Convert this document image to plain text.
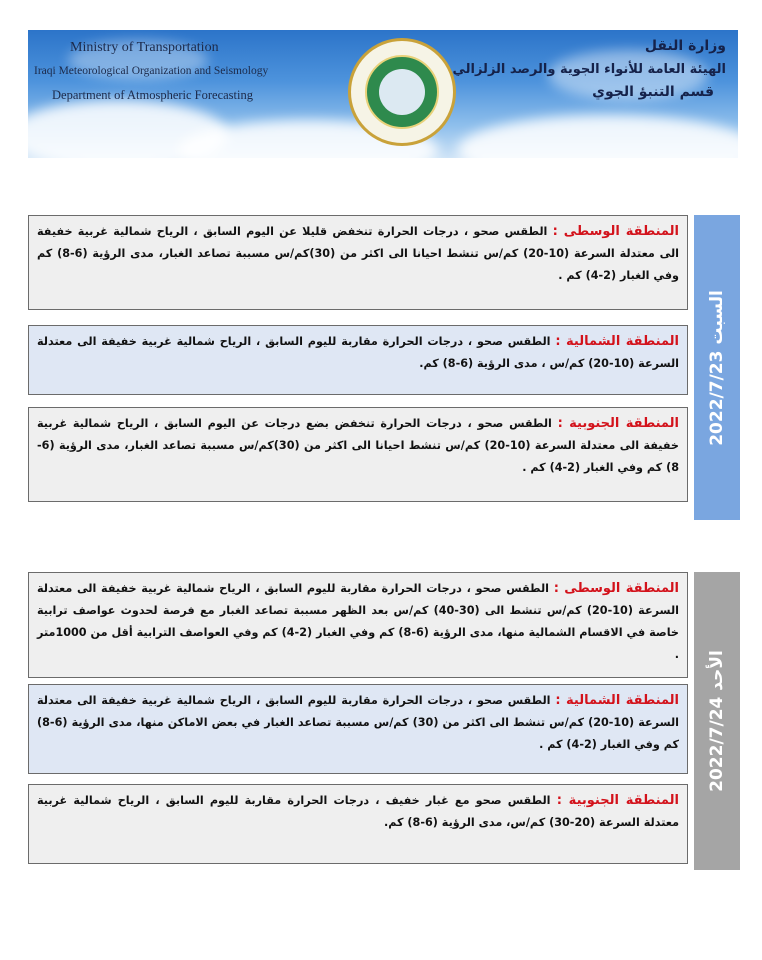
Ministry of Transportation
Iraqi Meteorological Organization and Seismology
Department of Atmospheric Forecasting
وزارة النقل
الهيئة العامة للأنواء الجوية والرصد الزلزالي
قسم التنبؤ الجوي
السبت 2022/7/23
المنطقة الوسطى : الطقس صحو ، درجات الحرارة تنخفض قليلا عن اليوم السابق ، الرياح شمالية غربية خفيفة الى معتدلة السرعة (10-20) كم/س تنشط احيانا الى اكثر من (30)كم/س مسببة تصاعد الغبار، مدى الرؤية (6-8) كم وفي الغبار (2-4) كم .
المنطقة الشمالية : الطقس صحو ، درجات الحرارة مقاربة لليوم السابق ، الرياح شمالية غربية خفيفة الى معتدلة السرعة (10-20) كم/س ، مدى الرؤية (6-8) كم.
المنطقة الجنوبية : الطقس صحو ، درجات الحرارة تنخفض بضع درجات عن اليوم السابق ، الرياح شمالية غربية خفيفة الى معتدلة السرعة (10-20) كم/س تنشط احيانا الى اكثر من (30)كم/س مسببة تصاعد الغبار، مدى الرؤية (6-8) كم وفي الغبار (2-4) كم .
الأحد 2022/7/24
المنطقة الوسطى : الطقس صحو ، درجات الحرارة مقاربة لليوم السابق ، الرياح شمالية غربية خفيفة الى معتدلة السرعة (10-20) كم/س تنشط الى (30-40) كم/س بعد الظهر مسببة تصاعد الغبار مع فرصة لحدوث عواصف ترابية خاصة في الاقسام الشمالية منها، مدى الرؤية (6-8) كم وفي الغبار (2-4) كم وفي العواصف الترابية أقل من 1000متر .
المنطقة الشمالية : الطقس صحو ، درجات الحرارة مقاربة لليوم السابق ، الرياح شمالية غربية خفيفة الى معتدلة السرعة (10-20) كم/س تنشط الى اكثر من (30) كم/س مسببة تصاعد الغبار في بعض الاماكن منها، مدى الرؤية (6-8) كم وفي الغبار (2-4) كم .
المنطقة الجنوبية : الطقس صحو مع غبار خفيف ، درجات الحرارة مقاربة لليوم السابق ، الرياح شمالية غربية معتدلة السرعة (20-30) كم/س، مدى الرؤية (6-8) كم.
